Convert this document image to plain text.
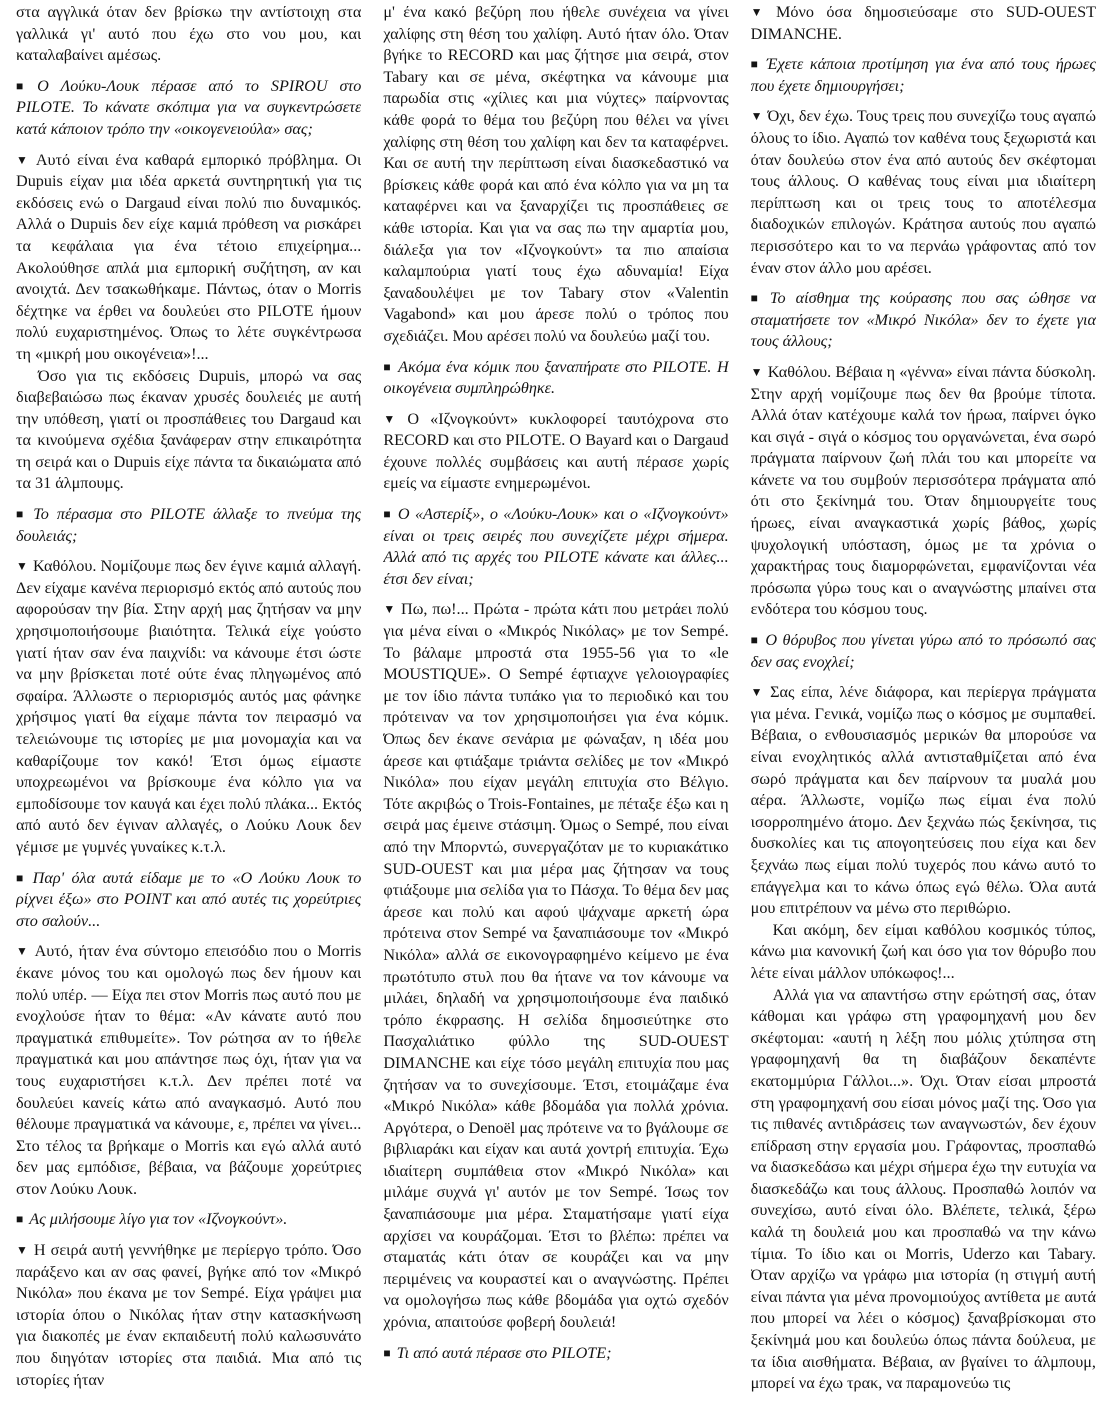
στα αγγλικά όταν δεν βρίσκω την αντίστοιχη στα γαλλικά γι' αυτό που έχω στο νου μου, και καταλαβαίνει αμέσως.

■ Ο Λούκυ-Λουκ πέρασε από το SPIROU στο PILOTE. Το κάνατε σκόπιμα για να συγκεντρώσετε κατά κάποιον τρόπο την «οικογενειούλα» σας;

▼ Αυτό είναι ένα καθαρά εμπορικό πρόβλημα. Οι Dupuis είχαν μια ιδέα αρκετά συντηρητική για τις εκδόσεις ενώ ο Dargaud είναι πολύ πιο δυναμικός. Αλλά ο Dupuis δεν είχε καμιά πρόθεση να ρισκάρει τα κεφάλαια για ένα τέτοιο επιχείρημα... Ακολούθησε απλά μια εμπορική συζήτηση, αν και ανοιχτά. Δεν τσακωθήκαμε. Πάντως, όταν ο Morris δέχτηκε να έρθει να δουλεύει στο PILOTE ήμουν πολύ ευχαριστημένος. Όπως το λέτε συγκέντρωσα τη «μικρή μου οικογένεια»!...

Όσο για τις εκδόσεις Dupuis, μπορώ να σας διαβεβαιώσω πως έκαναν χρυσές δουλειές με αυτή την υπόθεση, γιατί οι προσπάθειες του Dargaud και τα κινούμενα σχέδια ξανάφεραν στην επικαιρότητα τη σειρά και ο Dupuis είχε πάντα τα δικαιώματα από τα 31 άλμπουμς.

■ Το πέρασμα στο PILOTE άλλαξε το πνεύμα της δουλειάς;

▼ Καθόλου. Νομίζουμε πως δεν έγινε καμιά αλλαγή. Δεν είχαμε κανένα περιορισμό εκτός από αυτούς που αφορούσαν την βία. Στην αρχή μας ζητήσαν να μην χρησιμοποιήσουμε βιαιότητα. Τελικά είχε γούστο γιατί ήταν σαν ένα παιχνίδι: να κάνουμε έτσι ώστε να μην βρίσκεται ποτέ ούτε ένας πληγωμένος από σφαίρα. Άλλωστε ο περιορισμός αυτός μας φάνηκε χρήσιμος γιατί θα είχαμε πάντα τον πειρασμό να τελειώνουμε τις ιστορίες με μια μονομαχία και να καθαρίζουμε τον κακό! Έτσι όμως είμαστε υποχρεωμένοι να βρίσκουμε ένα κόλπο για να εμποδίσουμε τον καυγά και έχει πολύ πλάκα... Εκτός από αυτό δεν έγιναν αλλαγές, ο Λούκυ Λουκ δεν γέμισε με γυμνές γυναίκες κ.τ.λ.

■ Παρ' όλα αυτά είδαμε με το «Ο Λούκυ Λουκ το ρίχνει έξω» στο POINT και από αυτές τις χορεύτριες στο σαλούν...

▼ Αυτό, ήταν ένα σύντομο επεισόδιο που ο Morris έκανε μόνος του και ομολογώ πως δεν ήμουν και πολύ υπέρ. — Είχα πει στον Morris πως αυτό που με ενοχλούσε ήταν το θέμα: «Αν κάνατε αυτό που πραγματικά επιθυμείτε». Τον ρώτησα αν το ήθελε πραγματικά και μου απάντησε πως όχι, ήταν για να τους ευχαριστήσει κ.τ.λ. Δεν πρέπει ποτέ να δουλεύει κανείς κάτω από αναγκασμό. Αυτό που θέλουμε πραγματικά να κάνουμε, ε, πρέπει να γίνει... Στο τέλος τα βρήκαμε ο Morris και εγώ αλλά αυτό δεν μας εμπόδισε, βέβαια, να βάζουμε χορεύτριες στον Λούκυ Λουκ.

■ Ας μιλήσουμε λίγο για τον «Ιζνογκούντ».

▼ Η σειρά αυτή γεννήθηκε με περίεργο τρόπο. Όσο παράξενο και αν σας φανεί, βγήκε από τον «Μικρό Νικόλα» που έκανα με τον Sempé. Είχα γράψει μια ιστορία όπου ο Νικόλας ήταν στην κατασκήνωση για διακοπές με έναν εκπαιδευτή πολύ καλωσυνάτο που διηγόταν ιστορίες στα παιδιά. Μια από τις ιστορίες ήταν

μ' ένα κακό βεζύρη που ήθελε συνέχεια να γίνει χαλίφης στη θέση του χαλίφη. Αυτό ήταν όλο. Όταν βγήκε το RECORD και μας ζήτησε μια σειρά, στον Tabary και σε μένα, σκέφτηκα να κάνουμε μια παρωδία στις «χίλιες και μια νύχτες» παίρνοντας κάθε φορά το θέμα του βεζύρη που θέλει να γίνει χαλίφης στη θέση του χαλίφη και δεν τα καταφέρνει. Και σε αυτή την περίπτωση είναι διασκεδαστικό να βρίσκεις κάθε φορά και από ένα κόλπο για να μη τα καταφέρνει και να ξαναρχίζει τις προσπάθειες σε κάθε ιστορία. Και για να σας πω την αμαρτία μου, διάλεξα για τον «Ιζνογκούντ» τα πιο απαίσια καλαμπούρια γιατί τους έχω αδυναμία! Είχα ξαναδουλέψει με τον Tabary στον «Valentin Vagabond» και μου άρεσε πολύ ο τρόπος που σχεδιάζει. Μου αρέσει πολύ να δουλεύω μαζί του.

■ Ακόμα ένα κόμικ που ξαναπήρατε στο PILOTE. Η οικογένεια συμπληρώθηκε.

▼ Ο «Ιζνογκούντ» κυκλοφορεί ταυτόχρονα στο RECORD και στο PILOTE. Ο Bayard και ο Dargaud έχουνε πολλές συμβάσεις και αυτή πέρασε χωρίς εμείς να είμαστε ενημερωμένοι.

■ Ο «Αστερίξ», ο «Λούκυ-Λουκ» και ο «Ιζνογκούντ» είναι οι τρεις σειρές που συνεχίζετε μέχρι σήμερα. Αλλά από τις αρχές του PILOTE κάνατε και άλλες... έτσι δεν είναι;

▼ Πω, πω!... Πρώτα - πρώτα κάτι που μετράει πολύ για μένα είναι ο «Μικρός Νικόλας» με τον Sempé. Το βάλαμε μπροστά στα 1955-56 για το «le MOUSTIQUE». Ο Sempé έφτιαχνε γελοιογραφίες με τον ίδιο πάντα τυπάκο για το περιοδικό και του πρότειναν να τον χρησιμοποιήσει για ένα κόμικ. Όπως δεν έκανε σενάρια με φώναξαν, η ιδέα μου άρεσε και φτιάξαμε τριάντα σελίδες με τον «Μικρό Νικόλα» που είχαν μεγάλη επιτυχία στο Βέλγιο. Τότε ακριβώς ο Trois-Fontaines, με πέταξε έξω και η σειρά μας έμεινε στάσιμη. Όμως ο Sempé, που είναι από την Μπορντώ, συνεργαζόταν με το κυριακάτικο SUD-OUEST και μια μέρα μας ζήτησαν να τους φτιάξουμε μια σελίδα για το Πάσχα. Το θέμα δεν μας άρεσε και πολύ και αφού ψάχναμε αρκετή ώρα πρότεινα στον Sempé να ξαναπιάσουμε τον «Μικρό Νικόλα» αλλά σε εικονογραφημένο κείμενο με ένα πρωτότυπο στυλ που θα ήτανε να τον κάνουμε να μιλάει, δηλαδή να χρησιμοποιήσουμε ένα παιδικό τρόπο έκφρασης. Η σελίδα δημοσιεύτηκε στο Πασχαλιάτικο φύλλο της SUD-OUEST DIMANCHE και είχε τόσο μεγάλη επιτυχία που μας ζητήσαν να το συνεχίσουμε. Έτσι, ετοιμάζαμε ένα «Μικρό Νικόλα» κάθε βδομάδα για πολλά χρόνια. Αργότερα, ο Denoël μας πρότεινε να το βγάλουμε σε βιβλιαράκι και είχαν και αυτά χοντρή επιτυχία. Έχω ιδιαίτερη συμπάθεια στον «Μικρό Νικόλα» και μιλάμε συχνά γι' αυτόν με τον Sempé. Ίσως τον ξαναπιάσουμε μια μέρα. Σταματήσαμε γιατί είχα αρχίσει να κουράζομαι. Έτσι το βλέπω: πρέπει να σταματάς κάτι όταν σε κουράζει και να μην περιμένεις να κουραστεί και ο αναγνώστης. Πρέπει να ομολογήσω πως κάθε βδομάδα για οχτώ σχεδόν χρόνια, απαιτούσε φοβερή δουλειά!

■ Τι από αυτά πέρασε στο PILOTE;

▼ Μόνο όσα δημοσιεύσαμε στο SUD-OUEST DIMANCHE.

■ Έχετε κάποια προτίμηση για ένα από τους ήρωες που έχετε δημιουργήσει;

▼ Όχι, δεν έχω. Τους τρεις που συνεχίζω τους αγαπώ όλους το ίδιο. Αγαπώ τον καθένα τους ξεχωριστά και όταν δουλεύω στον ένα από αυτούς δεν σκέφτομαι τους άλλους. Ο καθένας τους είναι μια ιδιαίτερη περίπτωση και οι τρεις τους το αποτέλεσμα διαδοχικών επιλογών. Κράτησα αυτούς που αγαπώ περισσότερο και το να περνάω γράφοντας από τον έναν στον άλλο μου αρέσει.

■ Το αίσθημα της κούρασης που σας ώθησε να σταματήσετε τον «Μικρό Νικόλα» δεν το έχετε για τους άλλους;

▼ Καθόλου. Βέβαια η «γέννα» είναι πάντα δύσκολη. Στην αρχή νομίζουμε πως δεν θα βρούμε τίποτα. Αλλά όταν κατέχουμε καλά τον ήρωα, παίρνει όγκο και σιγά - σιγά ο κόσμος του οργανώνεται, ένα σωρό πράγματα παίρνουν ζωή πλάι του και μπορείτε να κάνετε να του συμβούν περισσότερα πράγματα από ότι στο ξεκίνημά του. Όταν δημιουργείτε τους ήρωες, είναι αναγκαστικά χωρίς βάθος, χωρίς ψυχολογική υπόσταση, όμως με τα χρόνια ο χαρακτήρας τους διαμορφώνεται, εμφανίζονται νέα πρόσωπα γύρω τους και ο αναγνώστης μπαίνει στα ενδότερα του κόσμου τους.

■ Ο θόρυβος που γίνεται γύρω από το πρόσωπό σας δεν σας ενοχλεί;

▼ Σας είπα, λένε διάφορα, και περίεργα πράγματα για μένα. Γενικά, νομίζω πως ο κόσμος με συμπαθεί. Βέβαια, ο ενθουσιασμός μερικών θα μπορούσε να είναι ενοχλητικός αλλά αντισταθμίζεται από ένα σωρό πράγματα και δεν παίρνουν τα μυαλά μου αέρα. Άλλωστε, νομίζω πως είμαι ένα πολύ ισορροπημένο άτομο. Δεν ξεχνάω πώς ξεκίνησα, τις δυσκολίες και τις απογοητεύσεις που είχα και δεν ξεχνάω πως είμαι πολύ τυχερός που κάνω αυτό το επάγγελμα και το κάνω όπως εγώ θέλω. Όλα αυτά μου επιτρέπουν να μένω στο περιθώριο.

Και ακόμη, δεν είμαι καθόλου κοσμικός τύπος, κάνω μια κανονική ζωή και όσο για τον θόρυβο που λέτε είναι μάλλον υπόκωφος!...

Αλλά για να απαντήσω στην ερώτησή σας, όταν κάθομαι και γράφω στη γραφομηχανή μου δεν σκέφτομαι: «αυτή η λέξη που μόλις χτύπησα στη γραφομηχανή θα τη διαβάζουν δεκαπέντε εκατομμύρια Γάλλοι...». Όχι. Όταν είσαι μπροστά στη γραφομηχανή σου είσαι μόνος μαζί της. Όσο για τις πιθανές αντιδράσεις των αναγνωστών, δεν έχουν επίδραση στην εργασία μου. Γράφοντας, προσπαθώ να διασκεδάσω και μέχρι σήμερα έχω την ευτυχία να διασκεδάζω και τους άλλους. Προσπαθώ λοιπόν να συνεχίσω, αυτό είναι όλο. Βλέπετε, τελικά, ξέρω καλά τη δουλειά μου και προσπαθώ να την κάνω τίμια. Το ίδιο και οι Morris, Uderzo και Tabary. Όταν αρχίζω να γράφω μια ιστορία (η στιγμή αυτή είναι πάντα για μένα προνομιούχος αντίθετα με αυτά που μπορεί να λέει ο κόσμος) ξαναβρίσκομαι στο ξεκίνημά μου και δουλεύω όπως πάντα δούλευα, με τα ίδια αισθήματα. Βέβαια, αν βγαίνει το άλμπουμ, μπορεί να έχω τρακ, να παραμονεύω τις
